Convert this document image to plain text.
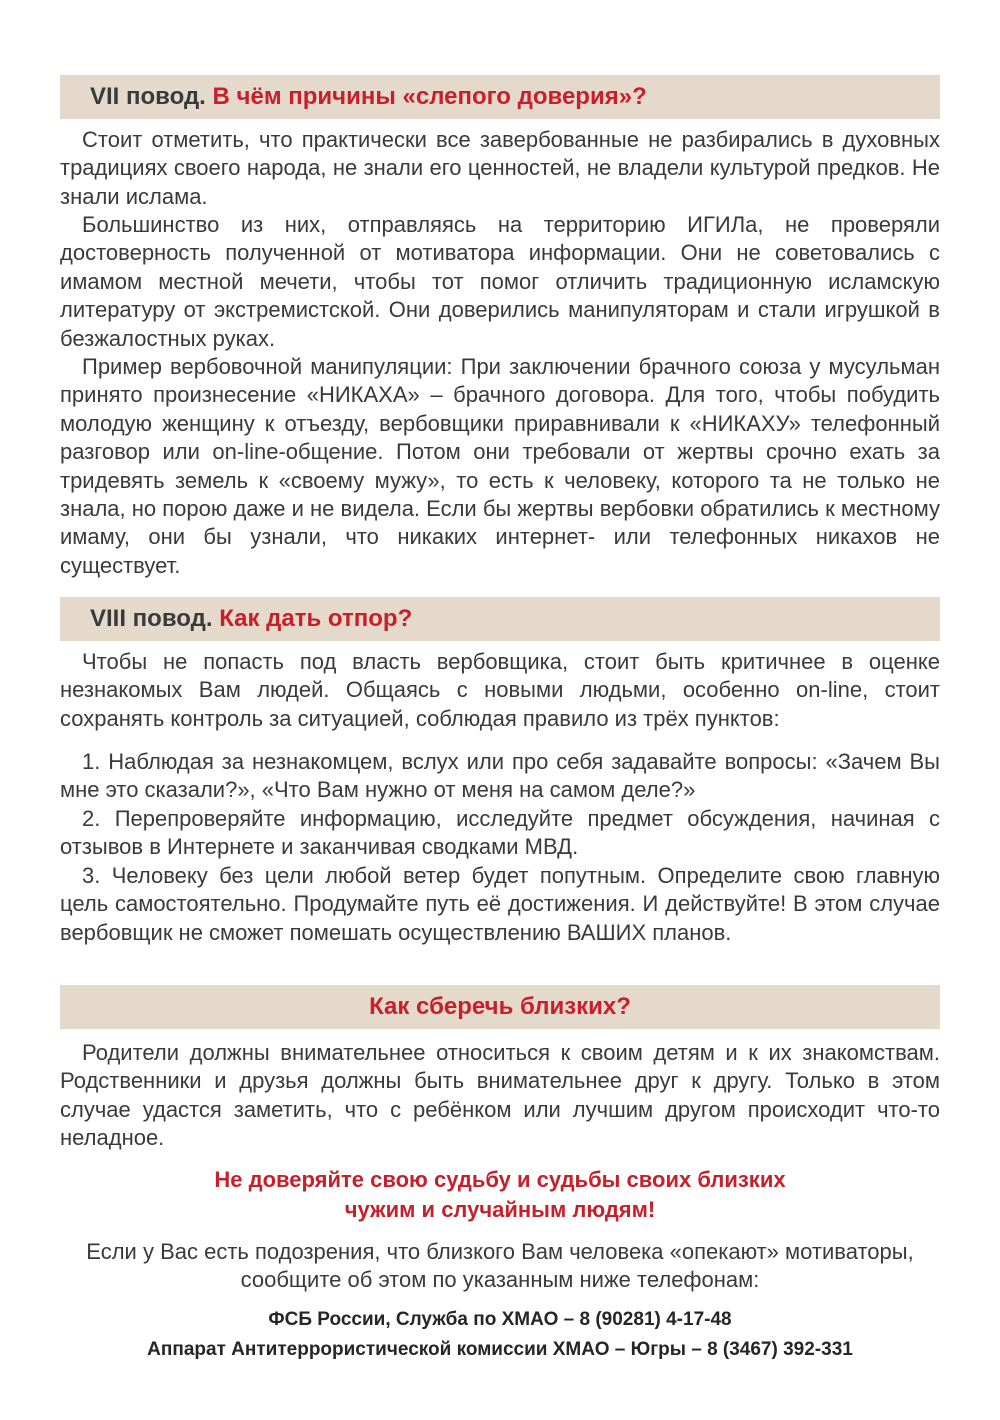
VII повод. В чём причины «слепого доверия»?

Стоит отметить, что практически все завербованные не разбирались в духовных традициях своего народа, не знали его ценностей, не владели культурой предков. Не знали ислама.

Большинство из них, отправляясь на территорию ИГИЛа, не проверяли достоверность полученной от мотиватора информации. Они не советовались с имамом местной мечети, чтобы тот помог отличить традиционную исламскую литературу от экстремистской. Они доверились манипуляторам и стали игрушкой в безжалостных руках.

Пример вербовочной манипуляции: При заключении брачного союза у мусульман принято произнесение «НИКАХА» – брачного договора. Для того, чтобы побудить молодую женщину к отъезду, вербовщики приравнивали к «НИКАХУ» телефонный разговор или on-line-общение. Потом они требовали от жертвы срочно ехать за тридевять земель к «своему мужу», то есть к человеку, которого та не только не знала, но порою даже и не видела. Если бы жертвы вербовки обратились к местному имаму, они бы узнали, что никаких интернет- или телефонных никахов не существует.

VIII повод. Как дать отпор?

Чтобы не попасть под власть вербовщика, стоит быть критичнее в оценке незнакомых Вам людей. Общаясь с новыми людьми, особенно on-line, стоит сохранять контроль за ситуацией, соблюдая правило из трёх пунктов:

1. Наблюдая за незнакомцем, вслух или про себя задавайте вопросы: «Зачем Вы мне это сказали?», «Что Вам нужно от меня на самом деле?»

2. Перепроверяйте информацию, исследуйте предмет обсуждения, начиная с отзывов в Интернете и заканчивая сводками МВД.

3. Человеку без цели любой ветер будет попутным. Определите свою главную цель самостоятельно. Продумайте путь её достижения. И действуйте! В этом случае вербовщик не сможет помешать осуществлению ВАШИХ планов.

Как сберечь близких?

Родители должны внимательнее относиться к своим детям и к их знакомствам. Родственники и друзья должны быть внимательнее друг к другу. Только в этом случае удастся заметить, что с ребёнком или лучшим другом происходит что-то неладное.

Не доверяйте свою судьбу и судьбы своих близких
чужим и случайным людям!
Если у Вас есть подозрения, что близкого Вам человека «опекают» мотиваторы, сообщите об этом по указанным ниже телефонам:
ФСБ России, Служба по ХМАО – 8 (90281) 4-17-48
Аппарат Антитеррористической комиссии ХМАО – Югры – 8 (3467) 392-331
